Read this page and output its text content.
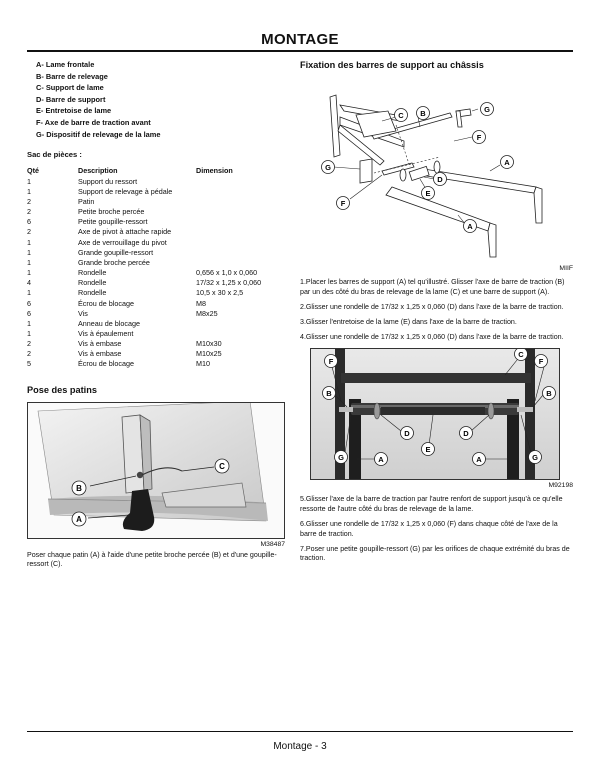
MONTAGE
A- Lame frontale
B- Barre de relevage
C- Support de lame
D- Barre de support
E- Entretoise de lame
F- Axe de barre de traction avant
G- Dispositif de relevage de la lame
Sac de pièces :
Qté	Description	Dimension
1	Support du ressort	
1	Support de relevage à pédale	
2	Patin	
2	Petite broche percée	
6	Petite goupille-ressort	
2	Axe de pivot à attache rapide	
1	Axe de verrouillage du pivot	
1	Grande goupille-ressort	
1	Grande broche percée	
1	Rondelle	0,656 x 1,0 x 0,060
4	Rondelle	17/32 x 1,25 x 0,060
1	Rondelle	10,5 x 30 x 2,5
6	Écrou de blocage	M8
6	Vis	M8x25
1	Anneau de blocage	
1	Vis à épaulement	
2	Vis à embase	M10x30
2	Vis à embase	M10x25
5	Écrou de blocage	M10
Pose des patins
B
C
A
M38487
Poser chaque patin (A) à l'aide d'une petite broche percée (B) et d'une goupille-ressort (C).
Fixation des barres de support au châssis
C B	G
F
A
G
D
E
F
A
MIIF
1.Placer les barres de support (A) tel qu'illustré. Glisser l'axe de barre de traction (B) par un des côté du bras de relevage de la lame (C) et une barre de support (A).
2.Glisser une rondelle de 17/32 x 1,25 x 0,060 (D) dans l'axe de la barre de traction.
3.Glisser l'entretoise de la lame (E) dans l'axe de la barre de traction.
4.Glisser une rondelle de 17/32 x 1,25 x 0,060 (D) dans l'axe de la barre de traction.
F
C
F
B	B
D	D
E
G	A	A	G
M92198
5.Glisser l'axe de la barre de traction par l'autre renfort de support jusqu'à ce qu'elle ressorte de l'autre côté du bras de relevage de la lame.
6.Glisser une rondelle de 17/32 x 1,25 x 0,060 (F) dans chaque côté de l'axe de la barre de traction.
7.Poser une petite goupille-ressort (G) par les orifices de chaque extrémité du bras de traction.
Montage - 3
